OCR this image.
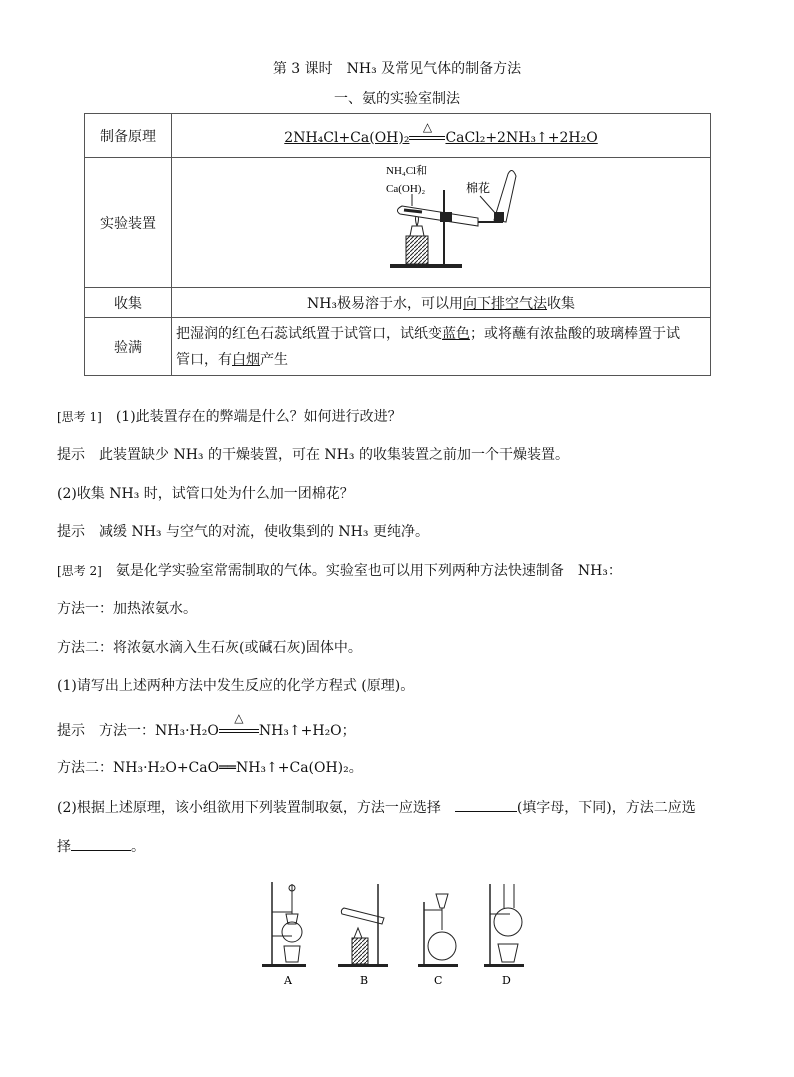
第 3 课时　NH₃ 及常见气体的制备方法
一、氨的实验室制法
制备原理	2NH₄Cl+Ca(OH)₂
△
CaCl₂+2NH₃↑+2H₂O
实验装置	NH₄Cl和
Ca(OH)₂ 棉花

收集	NH₃极易溶于水，可以用向下排空气法收集
验满	把湿润的红色石蕊试纸置于试管口，试纸变蓝色；或将蘸有浓盐酸的玻璃棒置于试
管口，有白烟产生
[思考 1]　 (1)此装置存在的弊端是什么？如何进行改进？
提示　此装置缺少 NH₃ 的干燥装置，可在 NH₃ 的收集装置之前加一个干燥装置。
(2)收集 NH₃ 时，试管口处为什么加一团棉花？
提示　减缓 NH₃ 与空气的对流，使收集到的 NH₃ 更纯净。
[思考 2]　 氨是化学实验室常需制取的气体。实验室也可以用下列两种方法快速制备　NH₃：
方法一：加热浓氨水。
方法二：将浓氨水滴入生石灰(或碱石灰)固体中。
(1)请写出上述两种方法中发生反应的化学方程式 (原理)。
提示　方法一：NH₃·H₂O
△
NH₃↑+H₂O；
方法二：NH₃·H₂O+CaO══NH₃↑+Ca(OH)₂。
(2)根据上述原理，该小组欲用下列装置制取氨，方法一应选择　	(填字母，下同)，方法二应选
择	。
A	B	C	D
